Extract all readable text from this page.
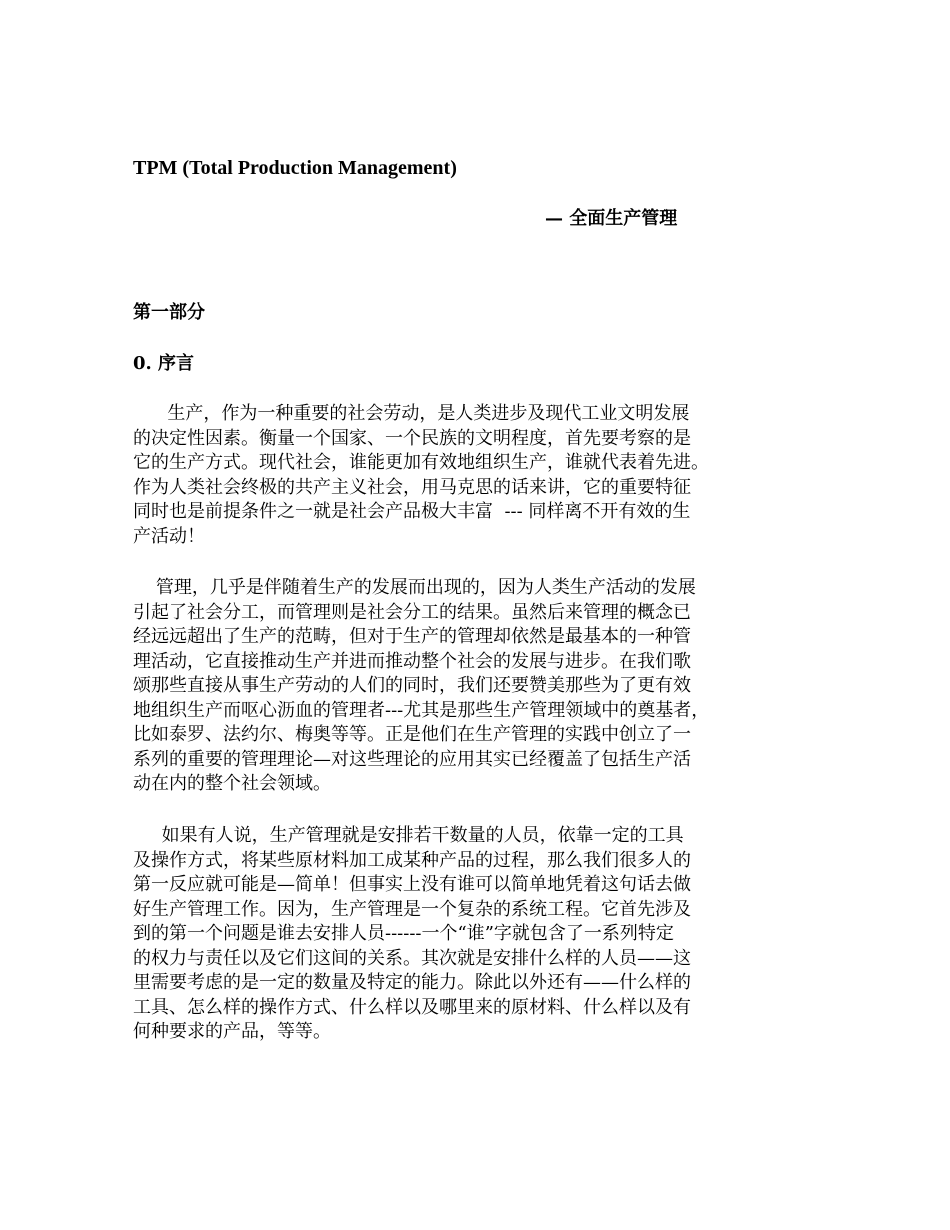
TPM (Total Production Management)
— 全面生产管理
第一部分
0. 序言
生产，作为一种重要的社会劳动，是人类进步及现代工业文明发展
的决定性因素。衡量一个国家、一个民族的文明程度，首先要考察的是
它的生产方式。现代社会，谁能更加有效地组织生产，谁就代表着先进。
作为人类社会终极的共产主义社会，用马克思的话来讲，它的重要特征
同时也是前提条件之一就是社会产品极大丰富  --- 同样离不开有效的生
产活动！
管理，几乎是伴随着生产的发展而出现的，因为人类生产活动的发展
引起了社会分工，而管理则是社会分工的结果。虽然后来管理的概念已
经远远超出了生产的范畴，但对于生产的管理却依然是最基本的一种管
理活动，它直接推动生产并进而推动整个社会的发展与进步。在我们歌
颂那些直接从事生产劳动的人们的同时，我们还要赞美那些为了更有效
地组织生产而呕心沥血的管理者---尤其是那些生产管理领域中的奠基者，
比如泰罗、法约尔、梅奥等等。正是他们在生产管理的实践中创立了一
系列的重要的管理理论—对这些理论的应用其实已经覆盖了包括生产活
动在内的整个社会领域。
如果有人说，生产管理就是安排若干数量的人员，依靠一定的工具
及操作方式，将某些原材料加工成某种产品的过程，那么我们很多人的
第一反应就可能是—简单！但事实上没有谁可以简单地凭着这句话去做
好生产管理工作。因为，生产管理是一个复杂的系统工程。它首先涉及
到的第一个问题是谁去安排人员------一个“谁”字就包含了一系列特定
的权力与责任以及它们这间的关系。其次就是安排什么样的人员——这
里需要考虑的是一定的数量及特定的能力。除此以外还有——什么样的
工具、怎么样的操作方式、什么样以及哪里来的原材料、什么样以及有
何种要求的产品，等等。
